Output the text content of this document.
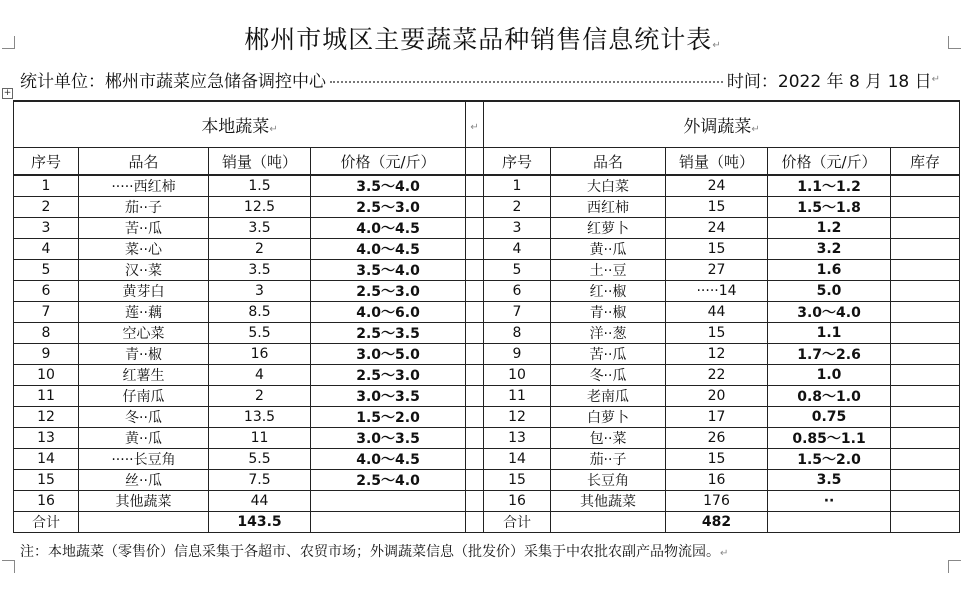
+
郴州市城区主要蔬菜品种销售信息统计表↵
统计单位：郴州市蔬菜应急储备调控中心	时间：2022 年 8 月 18 日 ↵
本地蔬菜↵				↵	外调蔬菜↵				
序号	品名	销量（吨）	价格（元/斤）		序号	品名	销量（吨）	价格（元/斤）	库存
1	·····西红柿	1.5	3.5～4.0		1	大白菜	24	1.1～1.2	
2	茄··子	12.5	2.5～3.0		2	西红柿	15	1.5～1.8	
3	苦··瓜	3.5	4.0～4.5		3	红萝卜	24	1.2	
4	菜··心	2	4.0～4.5		4	黄··瓜	15	3.2	
5	汉··菜	3.5	3.5～4.0		5	土··豆	27	1.6	
6	黄芽白	3	2.5～3.0		6	红··椒	·····14	5.0	
7	莲··藕	8.5	4.0～6.0		7	青··椒	44	3.0～4.0	
8	空心菜	5.5	2.5～3.5		8	洋··葱	15	1.1	
9	青··椒	16	3.0～5.0		9	苦··瓜	12	1.7～2.6	
10	红薯生	4	2.5～3.0		10	冬··瓜	22	1.0	
11	仔南瓜	2	3.0～3.5		11	老南瓜	20	0.8～1.0	
12	冬··瓜	13.5	1.5～2.0		12	白萝卜	17	0.75	
13	黄··瓜	11	3.0～3.5		13	包··菜	26	0.85～1.1	
14	·····长豆角	5.5	4.0～4.5		14	茄··子	15	1.5～2.0	
15	丝··瓜	7.5	2.5～4.0		15	长豆角	16	3.5	
16	其他蔬菜	44			16	其他蔬菜	176	··	
合计		143.5			合计		482		
注：本地蔬菜（零售价）信息采集于各超市、农贸市场；外调蔬菜信息（批发价）采集于中农批农副产品物流园。↵
